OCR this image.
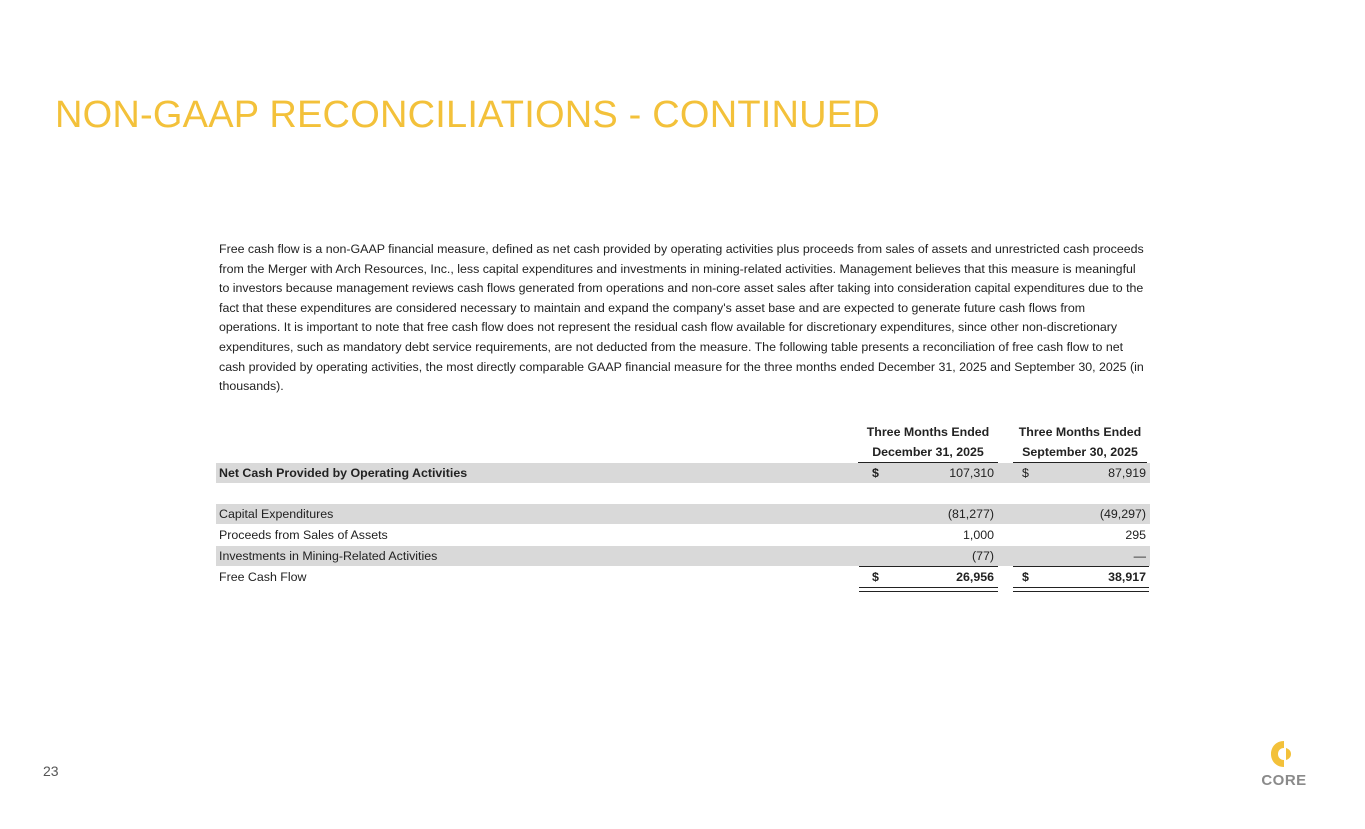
NON-GAAP RECONCILIATIONS - CONTINUED
Free cash flow is a non-GAAP financial measure, defined as net cash provided by operating activities plus proceeds from sales of assets and unrestricted cash proceeds from the Merger with Arch Resources, Inc., less capital expenditures and investments in mining-related activities. Management believes that this measure is meaningful to investors because management reviews cash flows generated from operations and non-core asset sales after taking into consideration capital expenditures due to the fact that these expenditures are considered necessary to maintain and expand the company's asset base and are expected to generate future cash flows from operations. It is important to note that free cash flow does not represent the residual cash flow available for discretionary expenditures, since other non-discretionary expenditures, such as mandatory debt service requirements, are not deducted from the measure. The following table presents a reconciliation of free cash flow to net cash provided by operating activities, the most directly comparable GAAP financial measure for the three months ended December 31, 2025 and September 30, 2025 (in thousands).
Three Months Ended
December 31, 2025
Three Months Ended
September 30, 2025
Net Cash Provided by Operating Activities	$	107,310 $	87,919
Capital Expenditures	(81,277)	(49,297)
Proceeds from Sales of Assets	1,000	295
Investments in Mining-Related Activities	(77)	—
Free Cash Flow	$	26,956 $	38,917
23
CORE
